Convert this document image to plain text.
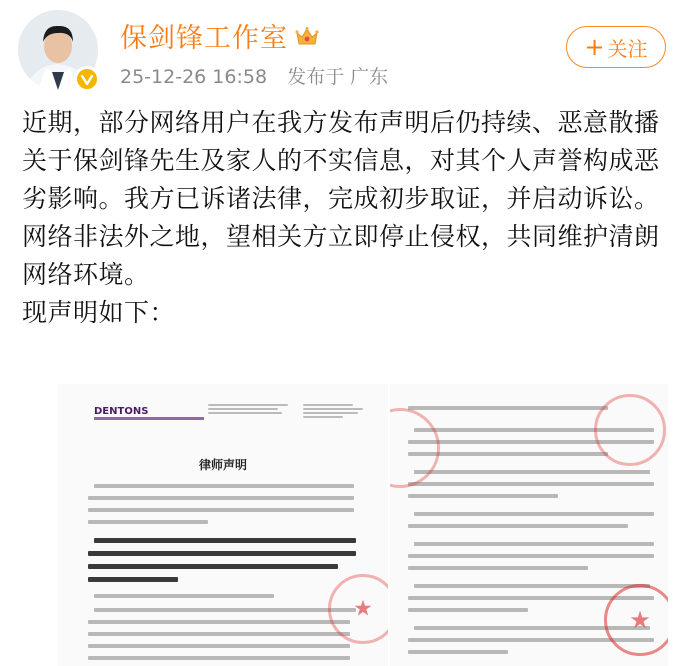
保剑锋工作室
25-12-26 16:58 发布于 广东
+ 关注

近期，部分网络用户在我方发布声明后仍持续、恶意散播关于保剑锋先生及家人的不实信息，对其个人声誉构成恶劣影响。我方已诉诸法律，完成初步取证，并启动诉讼。

网络非法外之地，望相关方立即停止侵权，共同维护清朗网络环境。

现声明如下：

DENTONS
律师声明
★	★
